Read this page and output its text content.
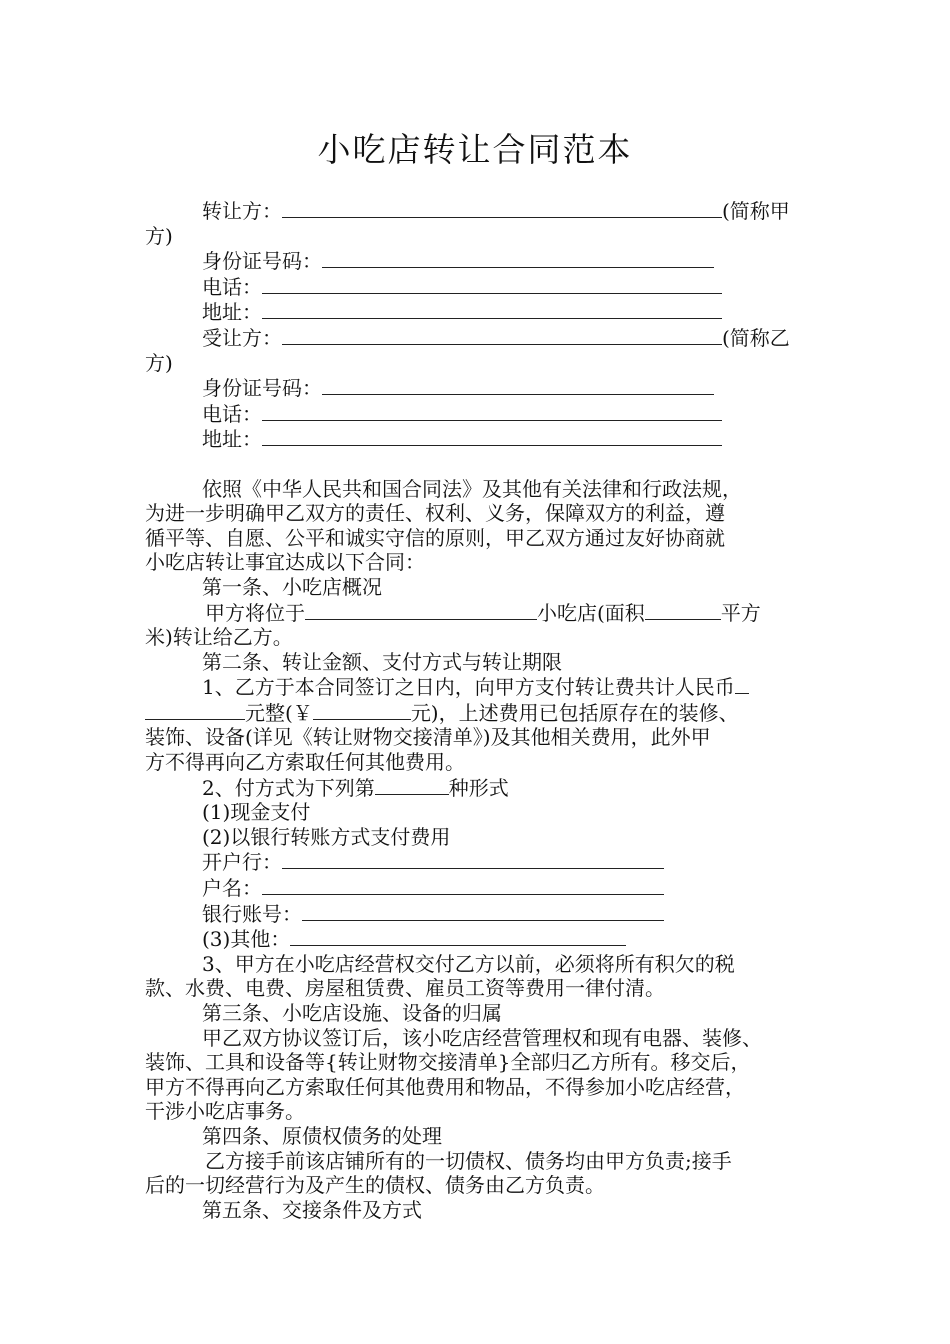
小吃店转让合同范本
转让方：	(简称甲
方)
身份证号码：
电话：
地址：
受让方：	(简称乙
方)
身份证号码：
电话：
地址：
依照《中华人民共和国合同法》及其他有关法律和行政法规，
为进一步明确甲乙双方的责任、权利、义务，保障双方的利益，遵
循平等、自愿、公平和诚实守信的原则，甲乙双方通过友好协商就
小吃店转让事宜达成以下合同：
第一条、小吃店概况
甲方将位于	小吃店(面积	平方
米)转让给乙方。
第二条、转让金额、支付方式与转让期限
1、乙方于本合同签订之日内，向甲方支付转让费共计人民币
元整(￥	元)，上述费用已包括原存在的装修、
装饰、设备(详见《转让财物交接清单》)及其他相关费用，此外甲
方不得再向乙方索取任何其他费用。
2、付方式为下列第	种形式
(1)现金支付
(2)以银行转账方式支付费用
开户行：
户名：
银行账号：
(3)其他：
3、甲方在小吃店经营权交付乙方以前，必须将所有积欠的税
款、水费、电费、房屋租赁费、雇员工资等费用一律付清。
第三条、小吃店设施、设备的归属
甲乙双方协议签订后，该小吃店经营管理权和现有电器、装修、
装饰、工具和设备等{转让财物交接清单}全部归乙方所有。移交后，
甲方不得再向乙方索取任何其他费用和物品，不得参加小吃店经营，
干涉小吃店事务。
第四条、原债权债务的处理
乙方接手前该店铺所有的一切债权、债务均由甲方负责;接手
后的一切经营行为及产生的债权、债务由乙方负责。
第五条、交接条件及方式
